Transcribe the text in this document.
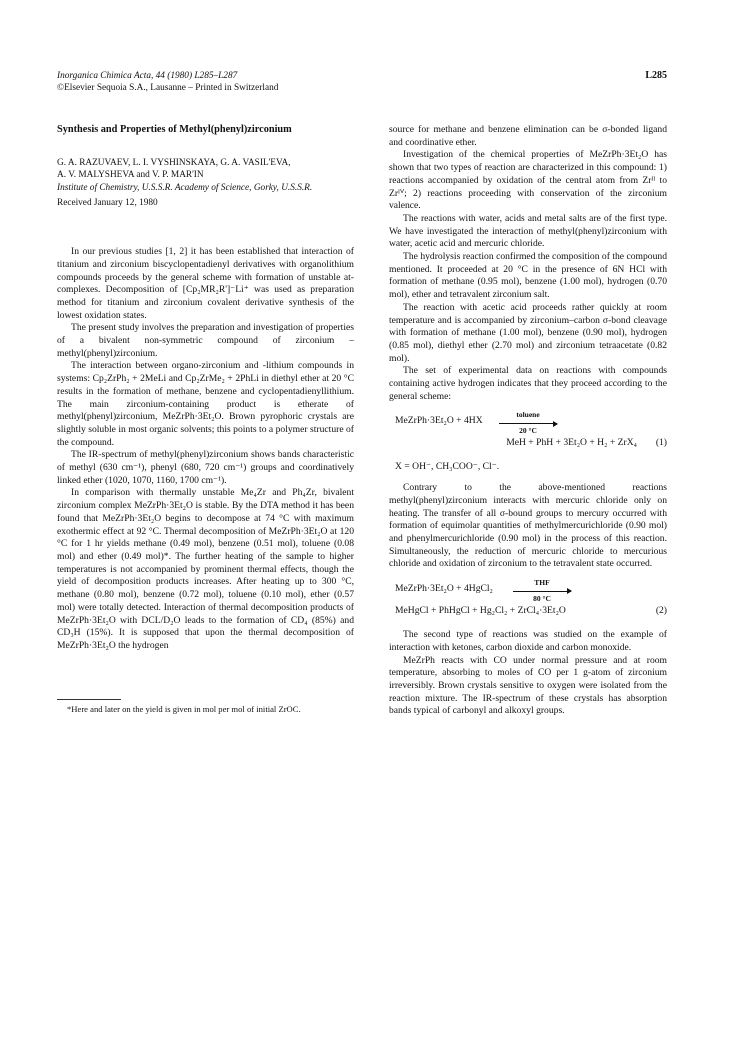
Inorganica Chimica Acta, 44 (1980) L285–L287
©Elsevier Sequoia S.A., Lausanne – Printed in Switzerland
L285
Synthesis and Properties of Methyl(phenyl)zirconium
G. A. RAZUVAEV, L. I. VYSHINSKAYA, G. A. VASIL'EVA,
A. V. MALYSHEVA and V. P. MAR'IN
Institute of Chemistry, U.S.S.R. Academy of Science, Gorky, U.S.S.R.
Received January 12, 1980

In our previous studies [1, 2] it has been established that interaction of titanium and zirconium biscyclopentadienyl derivatives with organolithium compounds proceeds by the general scheme with formation of unstable at-complexes. Decomposition of [Cp₂MR₂R']⁻Li⁺ was used as preparation method for titanium and zirconium covalent derivative synthesis of the lowest oxidation states.

The present study involves the preparation and investigation of properties of a bivalent non-symmetric compound of zirconium – methyl(phenyl)zirconium.

The interaction between organo-zirconium and -lithium compounds in systems: Cp₂ZrPh₂ + 2MeLi and Cp₂ZrMe₂ + 2PhLi in diethyl ether at 20 °C results in the formation of methane, benzene and cyclopentadienyllithium. The main zirconium-containing product is etherate of methyl(phenyl)zirconium, MeZrPh·3Et₂O. Brown pyrophoric crystals are slightly soluble in most organic solvents; this points to a polymer structure of the compound.

The IR-spectrum of methyl(phenyl)zirconium shows bands characteristic of methyl (630 cm⁻¹), phenyl (680, 720 cm⁻¹) groups and coordinatively linked ether (1020, 1070, 1160, 1700 cm⁻¹).

In comparison with thermally unstable Me₄Zr and Ph₄Zr, bivalent zirconium complex MeZrPh·3Et₂O is stable. By the DTA method it has been found that MeZrPh·3Et₂O begins to decompose at 74 °C with maximum exothermic effect at 92 °C. Thermal decomposition of MeZrPh·3Et₂O at 120 °C for 1 hr yields methane (0.49 mol), benzene (0.51 mol), toluene (0.08 mol) and ether (0.49 mol)*. The further heating of the sample to higher temperatures is not accompanied by prominent thermal effects, though the yield of decomposition products increases. After heating up to 300 °C, methane (0.80 mol), benzene (0.72 mol), toluene (0.10 mol), ether (0.57 mol) were totally detected. Interaction of thermal decomposition products of MeZrPh·3Et₂O with DCL/D₂O leads to the formation of CD₄ (85%) and CD₃H (15%). It is supposed that upon the thermal decomposition of MeZrPh·3Et₂O the hydrogen

*Here and later on the yield is given in mol per mol of initial ZrOC.

source for methane and benzene elimination can be σ-bonded ligand and coordinative ether.

Investigation of the chemical properties of MeZrPh·3Et₂O has shown that two types of reaction are characterized in this compound: 1) reactions accompanied by oxidation of the central atom from Zrᴵᴵ to Zrᴵⱽ; 2) reactions proceeding with conservation of the zirconium valence.

The reactions with water, acids and metal salts are of the first type. We have investigated the interaction of methyl(phenyl)zirconium with water, acetic acid and mercuric chloride.

The hydrolysis reaction confirmed the composition of the compound mentioned. It proceeded at 20 °C in the presence of 6N HCl with formation of methane (0.95 mol), benzene (1.00 mol), hydrogen (0.70 mol), ether and tetravalent zirconium salt.

The reaction with acetic acid proceeds rather quickly at room temperature and is accompanied by zirconium–carbon σ-bond cleavage with formation of methane (1.00 mol), benzene (0.90 mol), hydrogen (0.85 mol), diethyl ether (2.70 mol) and zirconium tetraacetate (0.82 mol).

The set of experimental data on reactions with compounds containing active hydrogen indicates that they proceed according to the general scheme:

MeZrPh·3Et₂O + 4HX
toluene
20 °C
MeH + PhH + 3Et₂O + H₂ + ZrX₄ (1)

X = OH⁻, CH₃COO⁻, Cl⁻.

Contrary to the above-mentioned reactions methyl(phenyl)zirconium interacts with mercuric chloride only on heating. The transfer of all σ-bound groups to mercury occurred with formation of equimolar quantities of methylmercurichloride (0.90 mol) and phenylmercurichloride (0.90 mol) in the process of this reaction. Simultaneously, the reduction of mercuric chloride to mercurious chloride and oxidation of zirconium to the tetravalent state occurred.

MeZrPh·3Et₂O + 4HgCl₂
THF
80 °C
MeHgCl + PhHgCl + Hg₂Cl₂ + ZrCl₄·3Et₂O	(2)

The second type of reactions was studied on the example of interaction with ketones, carbon dioxide and carbon monoxide.

MeZrPh reacts with CO under normal pressure and at room temperature, absorbing to moles of CO per 1 g-atom of zirconium irreversibly. Brown crystals sensitive to oxygen were isolated from the reaction mixture. The IR-spectrum of these crystals has absorption bands typical of carbonyl and alkoxyl groups.
